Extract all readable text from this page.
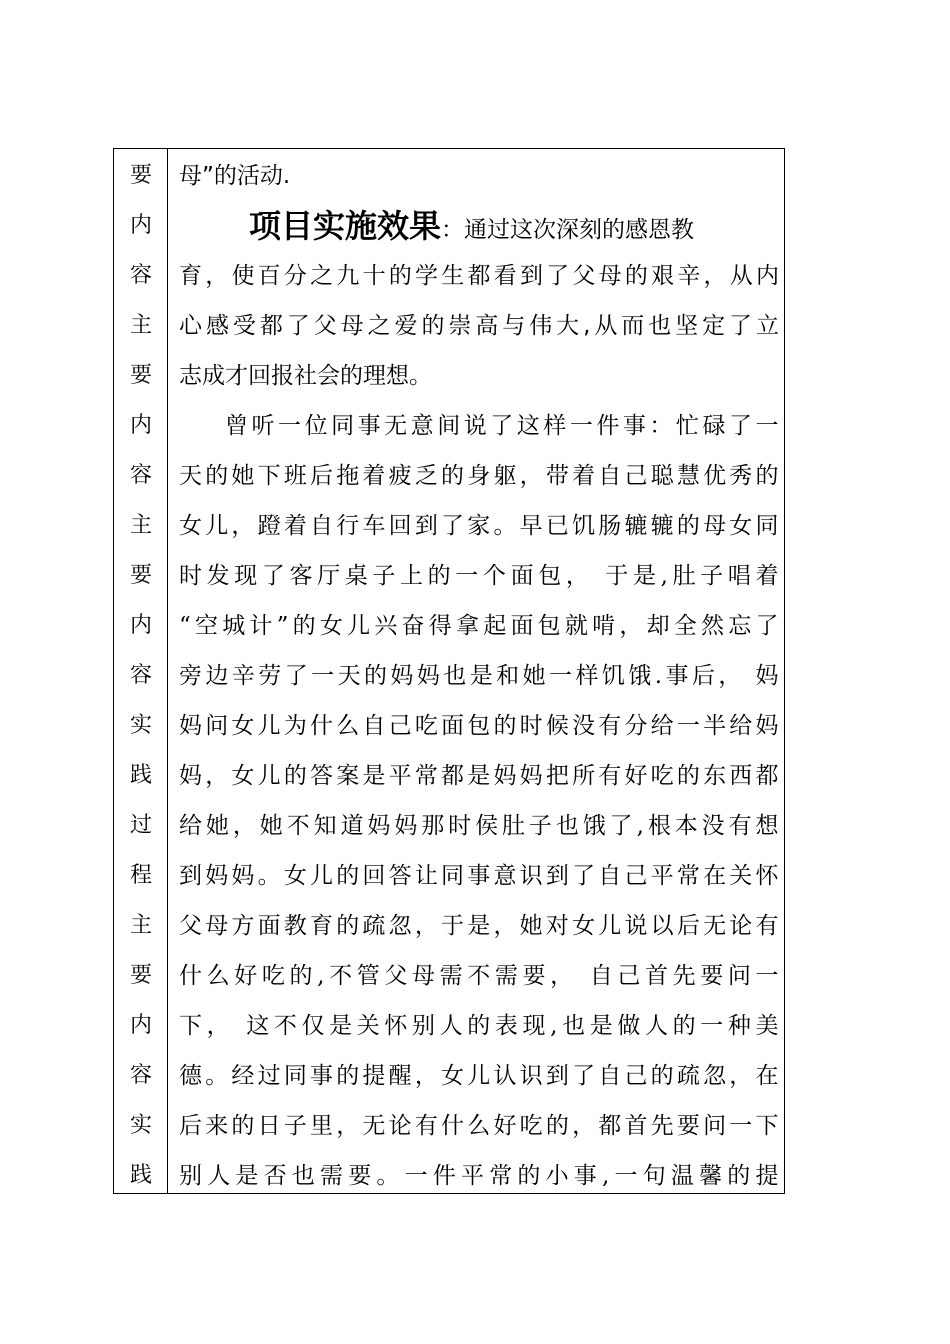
要
内
容
主
要
内
容
主
要
内
容
实
践
过
程
主
要
内
容
实
践
母”的活动.
项目实施效果：通过这次深刻的感恩教
育，使百分之九十的学生都看到了父母的艰辛，从内
心感受都了父母之爱的崇高与伟大,从而也坚定了立
志成才回报社会的理想。
曾听一位同事无意间说了这样一件事：忙碌了一
天的她下班后拖着疲乏的身躯，带着自己聪慧优秀的
女儿，蹬着自行车回到了家。早已饥肠辘辘的母女同
时发现了客厅桌子上的一个面包， 于是,肚子唱着
“空城计”的女儿兴奋得拿起面包就啃，却全然忘了
旁边辛劳了一天的妈妈也是和她一样饥饿.事后， 妈
妈问女儿为什么自己吃面包的时候没有分给一半给妈
妈，女儿的答案是平常都是妈妈把所有好吃的东西都
给她，她不知道妈妈那时侯肚子也饿了,根本没有想
到妈妈。女儿的回答让同事意识到了自己平常在关怀
父母方面教育的疏忽，于是，她对女儿说以后无论有
什么好吃的,不管父母需不需要， 自己首先要问一
下， 这不仅是关怀别人的表现,也是做人的一种美
德。经过同事的提醒，女儿认识到了自己的疏忽，在
后来的日子里，无论有什么好吃的，都首先要问一下
别人是否也需要。一件平常的小事,一句温馨的提
